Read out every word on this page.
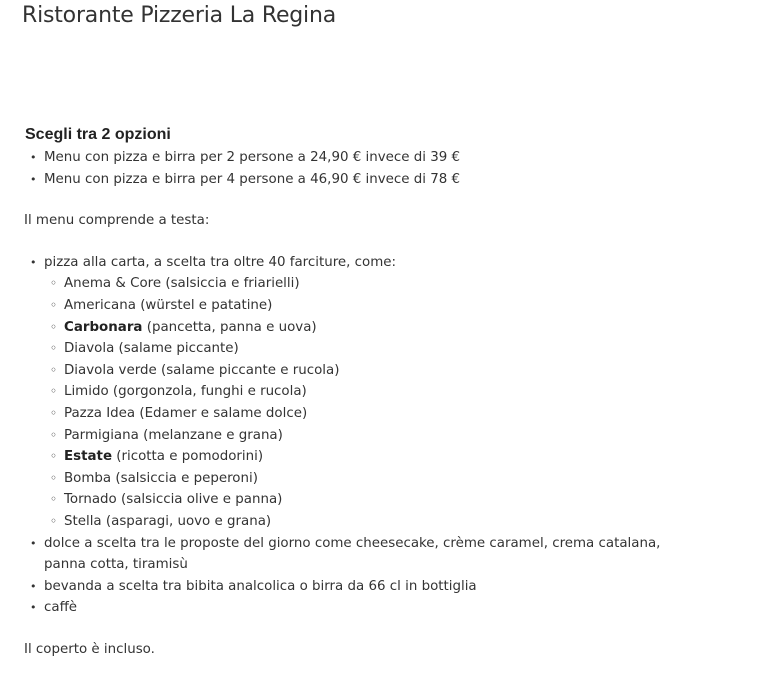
Ristorante Pizzeria La Regina
Scegli tra 2 opzioni
• Menu con pizza e birra per 2 persone a 24,90 € invece di 39 €
• Menu con pizza e birra per 4 persone a 46,90 € invece di 78 €

Il menu comprende a testa:

• pizza alla carta, a scelta tra oltre 40 farciture, come:
◦ Anema & Core (salsiccia e friarielli)
◦ Americana (würstel e patatine)
◦ Carbonara (pancetta, panna e uova)
◦ Diavola (salame piccante)
◦ Diavola verde (salame piccante e rucola)
◦ Limido (gorgonzola, funghi e rucola)
◦ Pazza Idea (Edamer e salame dolce)
◦ Parmigiana (melanzane e grana)
◦ Estate (ricotta e pomodorini)
◦ Bomba (salsiccia e peperoni)
◦ Tornado (salsiccia olive e panna)
◦ Stella (asparagi, uovo e grana)
• dolce a scelta tra le proposte del giorno come cheesecake, crème caramel, crema catalana, panna cotta, tiramisù
• bevanda a scelta tra bibita analcolica o birra da 66 cl in bottiglia
• caffè

Il coperto è incluso.
